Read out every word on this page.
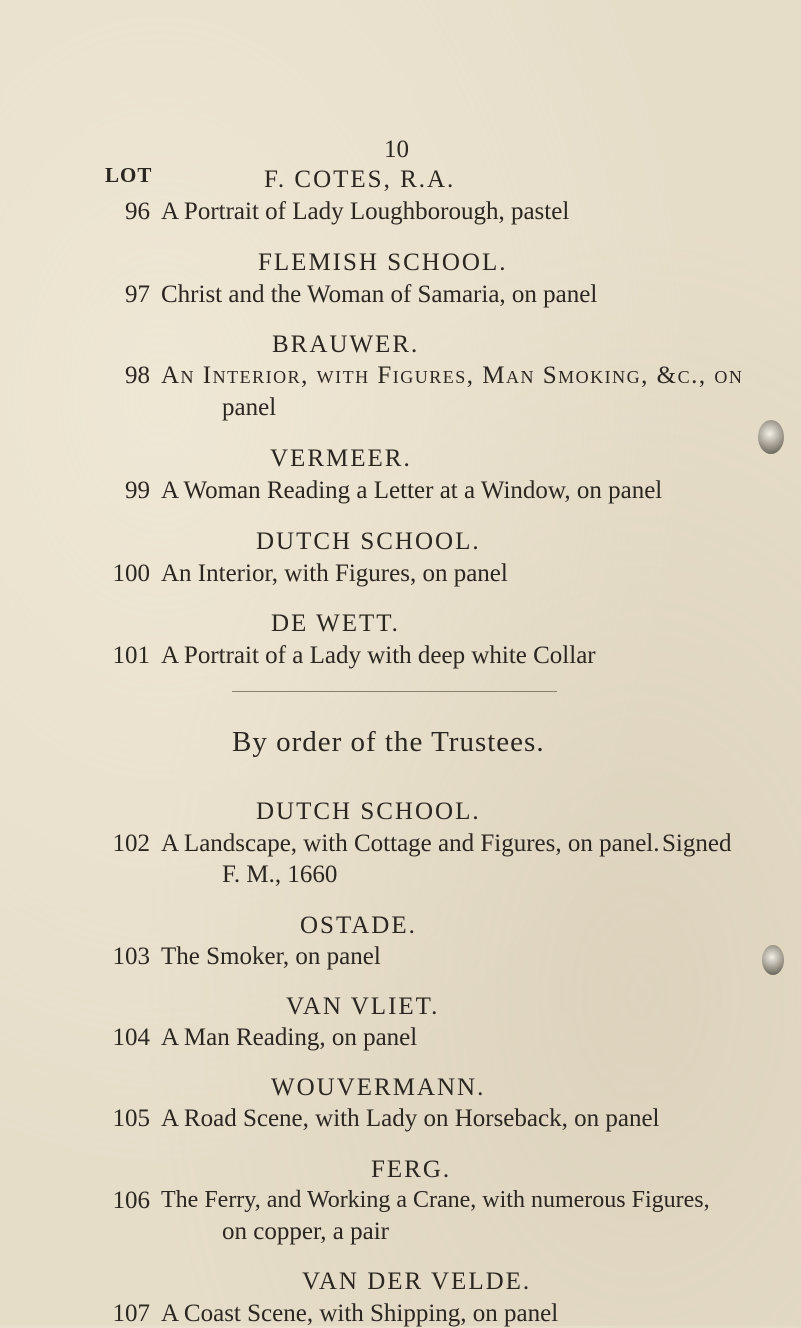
10
LOT	F. COTES, R.A.
96 A Portrait of Lady Loughborough, pastel
FLEMISH SCHOOL.
97 Christ and the Woman of Samaria, on panel
BRAUWER.
98 An Interior, with Figures, Man Smoking, &c., on
panel
VERMEER.
99 A Woman Reading a Letter at a Window, on panel
DUTCH SCHOOL.
100 An Interior, with Figures, on panel
DE WETT.
101 A Portrait of a Lady with deep white Collar
By order of the Trustees.
DUTCH SCHOOL.
102 A Landscape, with Cottage and Figures, on panel. Signed
F. M., 1660
OSTADE.
103 The Smoker, on panel
VAN VLIET.
104 A Man Reading, on panel
WOUVERMANN.
105 A Road Scene, with Lady on Horseback, on panel
FERG.
106 The Ferry, and Working a Crane, with numerous Figures,
on copper, a pair
VAN DER VELDE.
107 A Coast Scene, with Shipping, on panel
